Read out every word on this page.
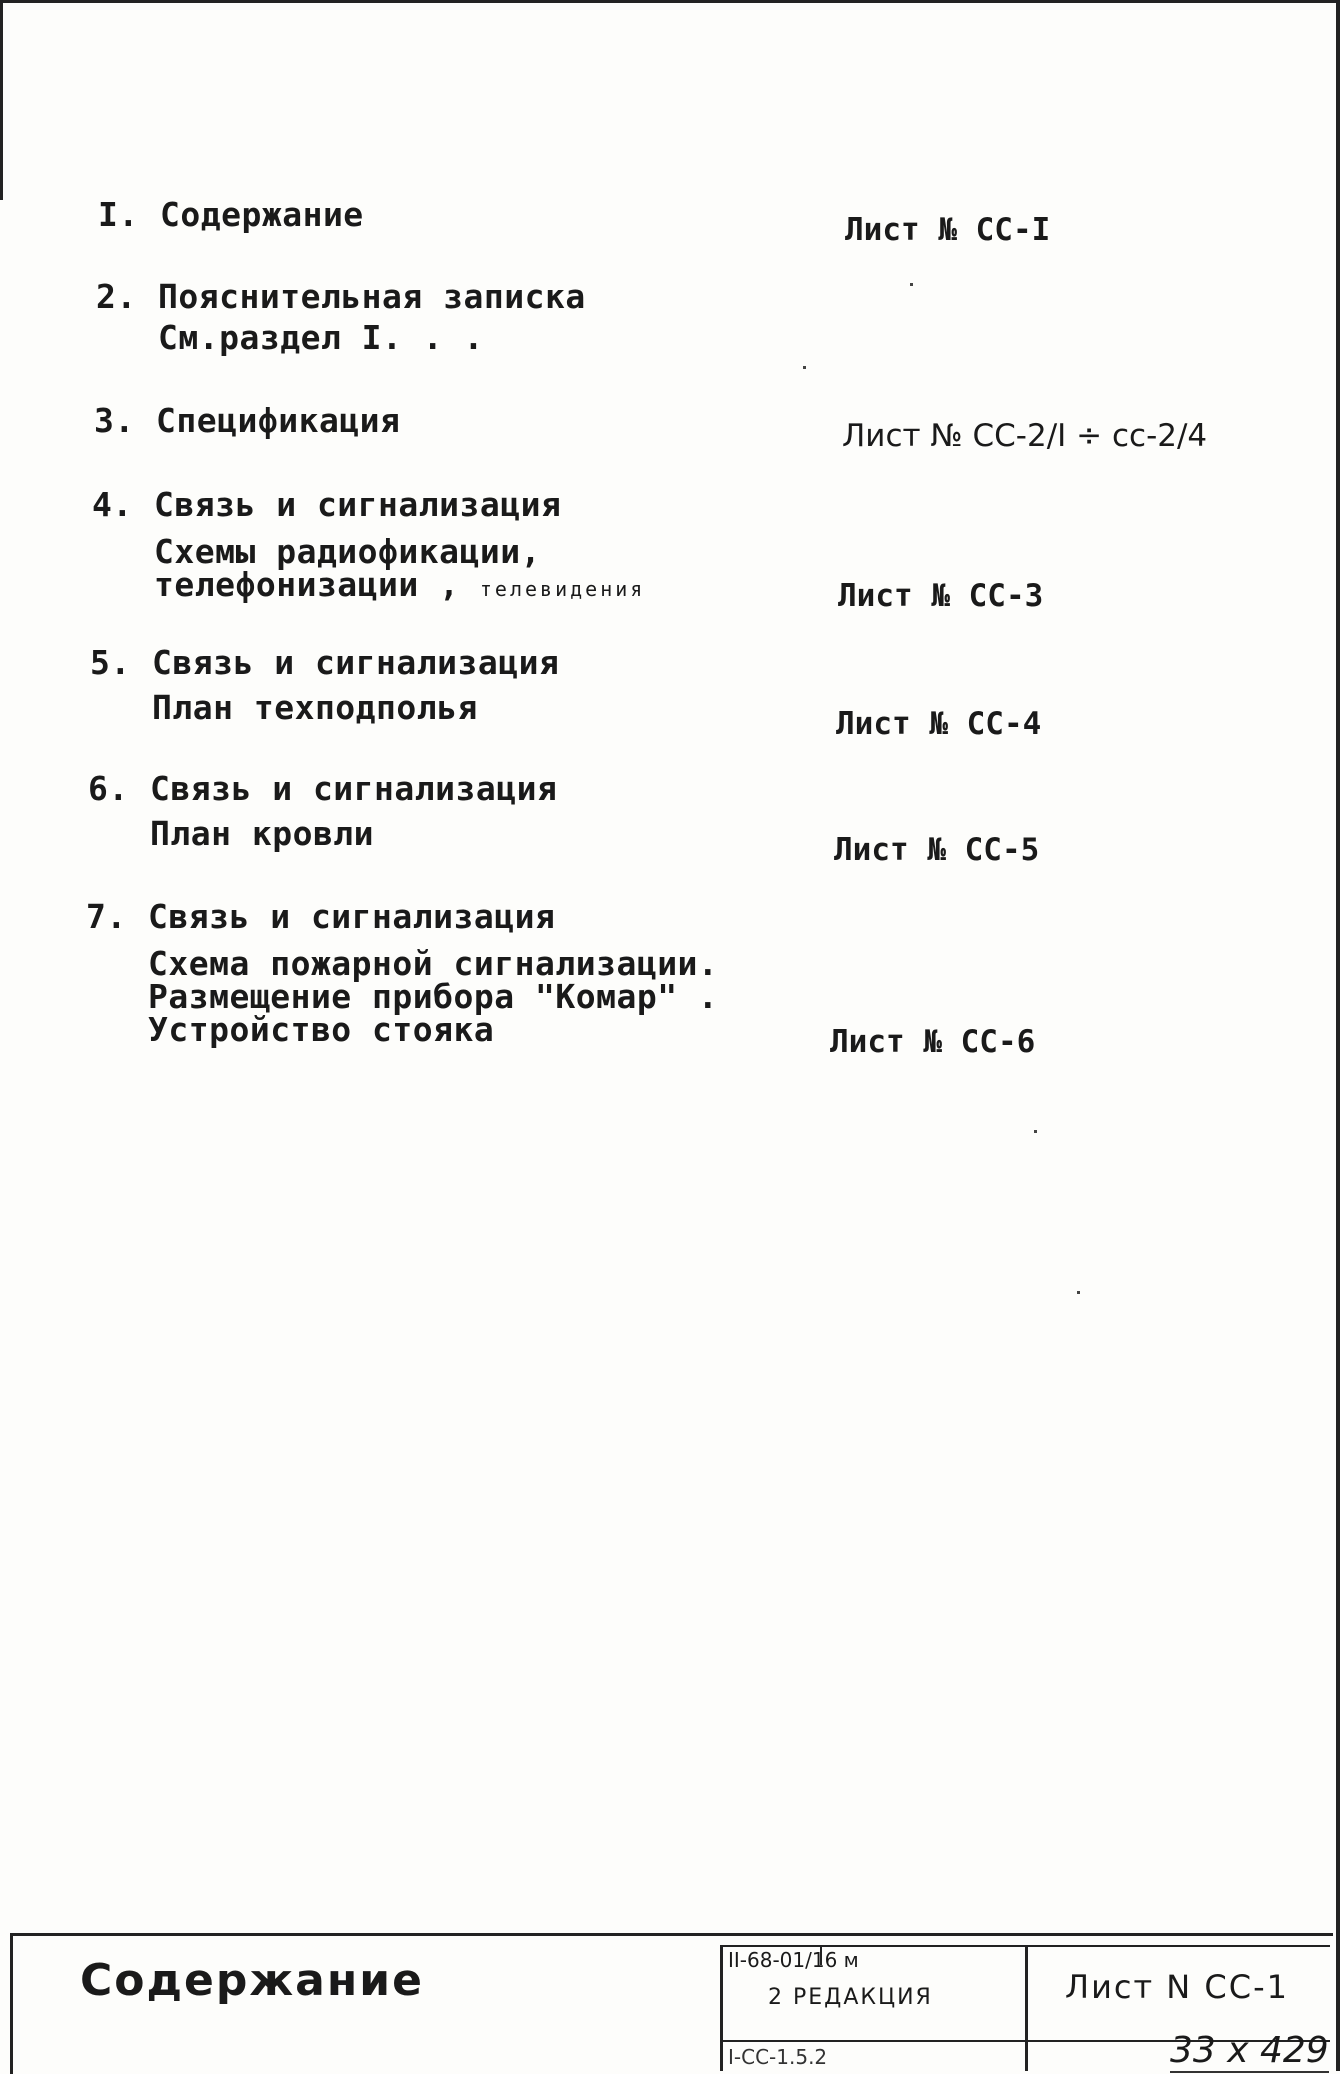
I. Содержание	Лист № СС-I
2. Пояснительная записка
См.раздел I. . .
3. Спецификация	Лист № СС-2/I ÷ сс-2/4
4. Связь и сигнализация
Схемы радиофикации,
телефонизации , телевидения	Лист № СС-3
5. Связь и сигнализация
План техподполья	Лист № СС-4
6. Связь и сигнализация
План кровли	Лист № СС-5
7. Связь и сигнализация
Схема пожарной сигнализации.
Размещение прибора "Комар" .
Устройство стояка	Лист № СС-6
Содержание	II-68-01/16 м
2 РЕДАКЦИЯ
I-СС-1.5.2
Лист N СС-1
33 x 429
